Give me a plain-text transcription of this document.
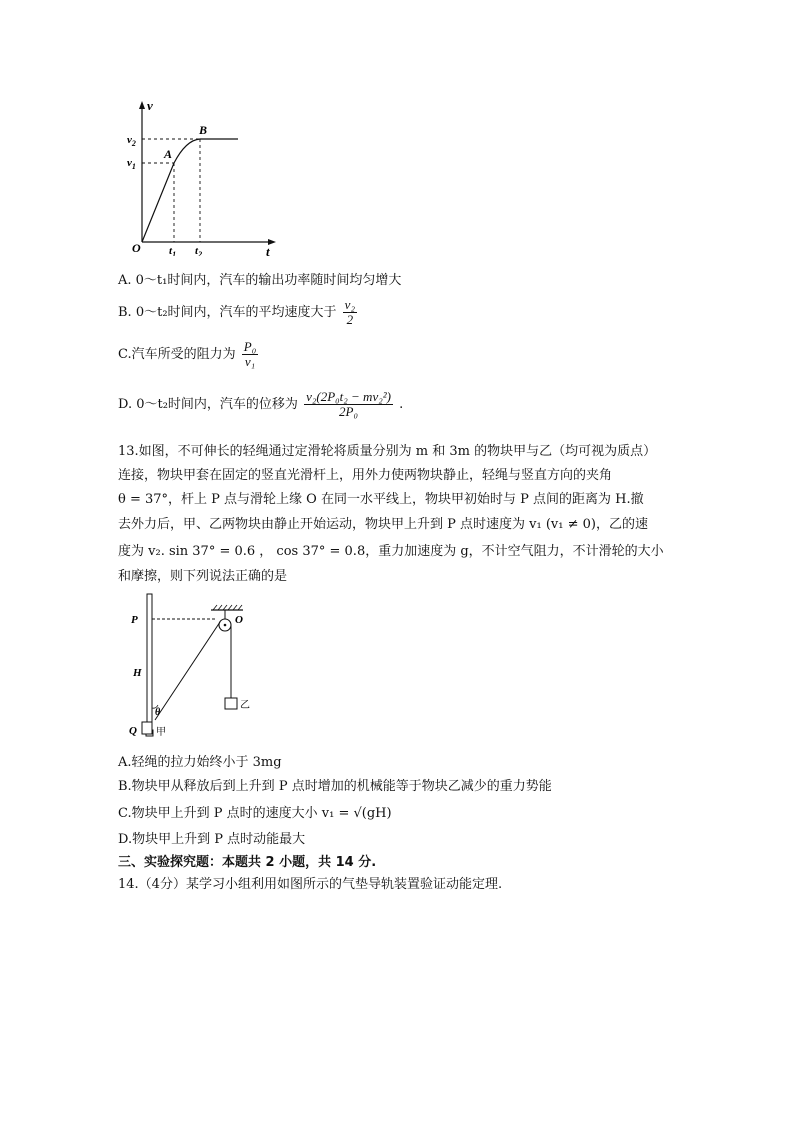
v
t
O
$v_2$
$v_1$
A
B
$t_1$ $t_2$
A. 0～t₁时间内，汽车的输出功率随时间均匀增大
B. 0～t₂时间内，汽车的平均速度大于 $\frac{\text{v₂}}{2}$
C.汽车所受的阻力为 $\frac{\text{P₀}}{\text{v₁}}$
D. 0～t₂时间内，汽车的位移为 $\frac{\text{v₂(2P₀t₂ − mv₂²)}}{\text{2P₀}}$ .
13.如图，不可伸长的轻绳通过定滑轮将质量分别为 m 和 3m 的物块甲与乙（均可视为质点）
连接，物块甲套在固定的竖直光滑杆上，用外力使两物块静止，轻绳与竖直方向的夹角
θ = 37°，杆上 P 点与滑轮上缘 O 在同一水平线上，物块甲初始时与 P 点间的距离为 H.撤
去外力后，甲、乙两物块由静止开始运动，物块甲上升到 P 点时速度为 v₁ (v₁ ≠ 0)，乙的速
度为 v₂. sin 37° = 0.6 ， cos 37° = 0.8，重力加速度为 g，不计空气阻力，不计滑轮的大小
和摩擦，则下列说法正确的是
P	O
H
Q
θ
甲
乙
A.轻绳的拉力始终小于 3mg
B.物块甲从释放后到上升到 P 点时增加的机械能等于物块乙减少的重力势能
C.物块甲上升到 P 点时的速度大小 v₁ = √(gH)
D.物块甲上升到 P 点时动能最大
三、实验探究题：本题共 2 小题，共 14 分.
14.（4分）某学习小组利用如图所示的气垫导轨装置验证动能定理.
